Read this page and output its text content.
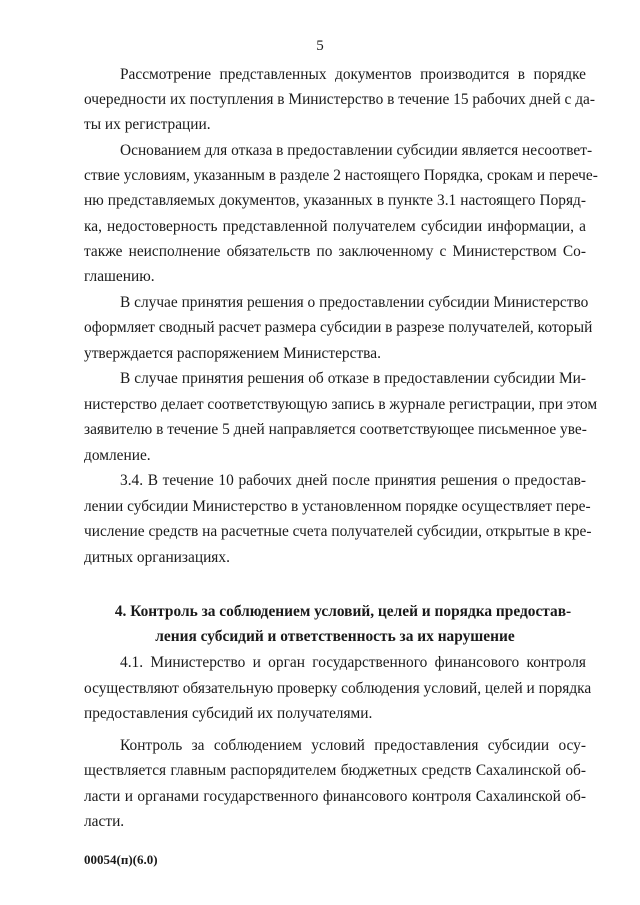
5
Рассмотрение представленных документов производится в порядке
очередности их поступления в Министерство в течение 15 рабочих дней с да-
ты их регистрации.
Основанием для отказа в предоставлении субсидии является несоответ-
ствие условиям, указанным в разделе 2 настоящего Порядка, срокам и перече-
ню представляемых документов, указанных в пункте 3.1 настоящего Поряд-
ка, недостоверность представленной получателем субсидии информации, а
также неисполнение обязательств по заключенному с Министерством Со-
глашению.
В случае принятия решения о предоставлении субсидии Министерство
оформляет сводный расчет размера субсидии в разрезе получателей, который
утверждается распоряжением Министерства.
В случае принятия решения об отказе в предоставлении субсидии Ми-
нистерство делает соответствующую запись в журнале регистрации, при этом
заявителю в течение 5 дней направляется соответствующее письменное уве-
домление.
3.4. В течение 10 рабочих дней после принятия решения о предостав-
лении субсидии Министерство в установленном порядке осуществляет пере-
числение средств на расчетные счета получателей субсидии, открытые в кре-
дитных организациях.
4. Контроль за соблюдением условий, целей и порядка предостав-
ления субсидий и ответственность за их нарушение
4.1. Министерство и орган государственного финансового контроля
осуществляют обязательную проверку соблюдения условий, целей и порядка
предоставления субсидий их получателями.
Контроль за соблюдением условий предоставления субсидии осу-
ществляется главным распорядителем бюджетных средств Сахалинской об-
ласти и органами государственного финансового контроля Сахалинской об-
ласти.
00054(п)(6.0)
